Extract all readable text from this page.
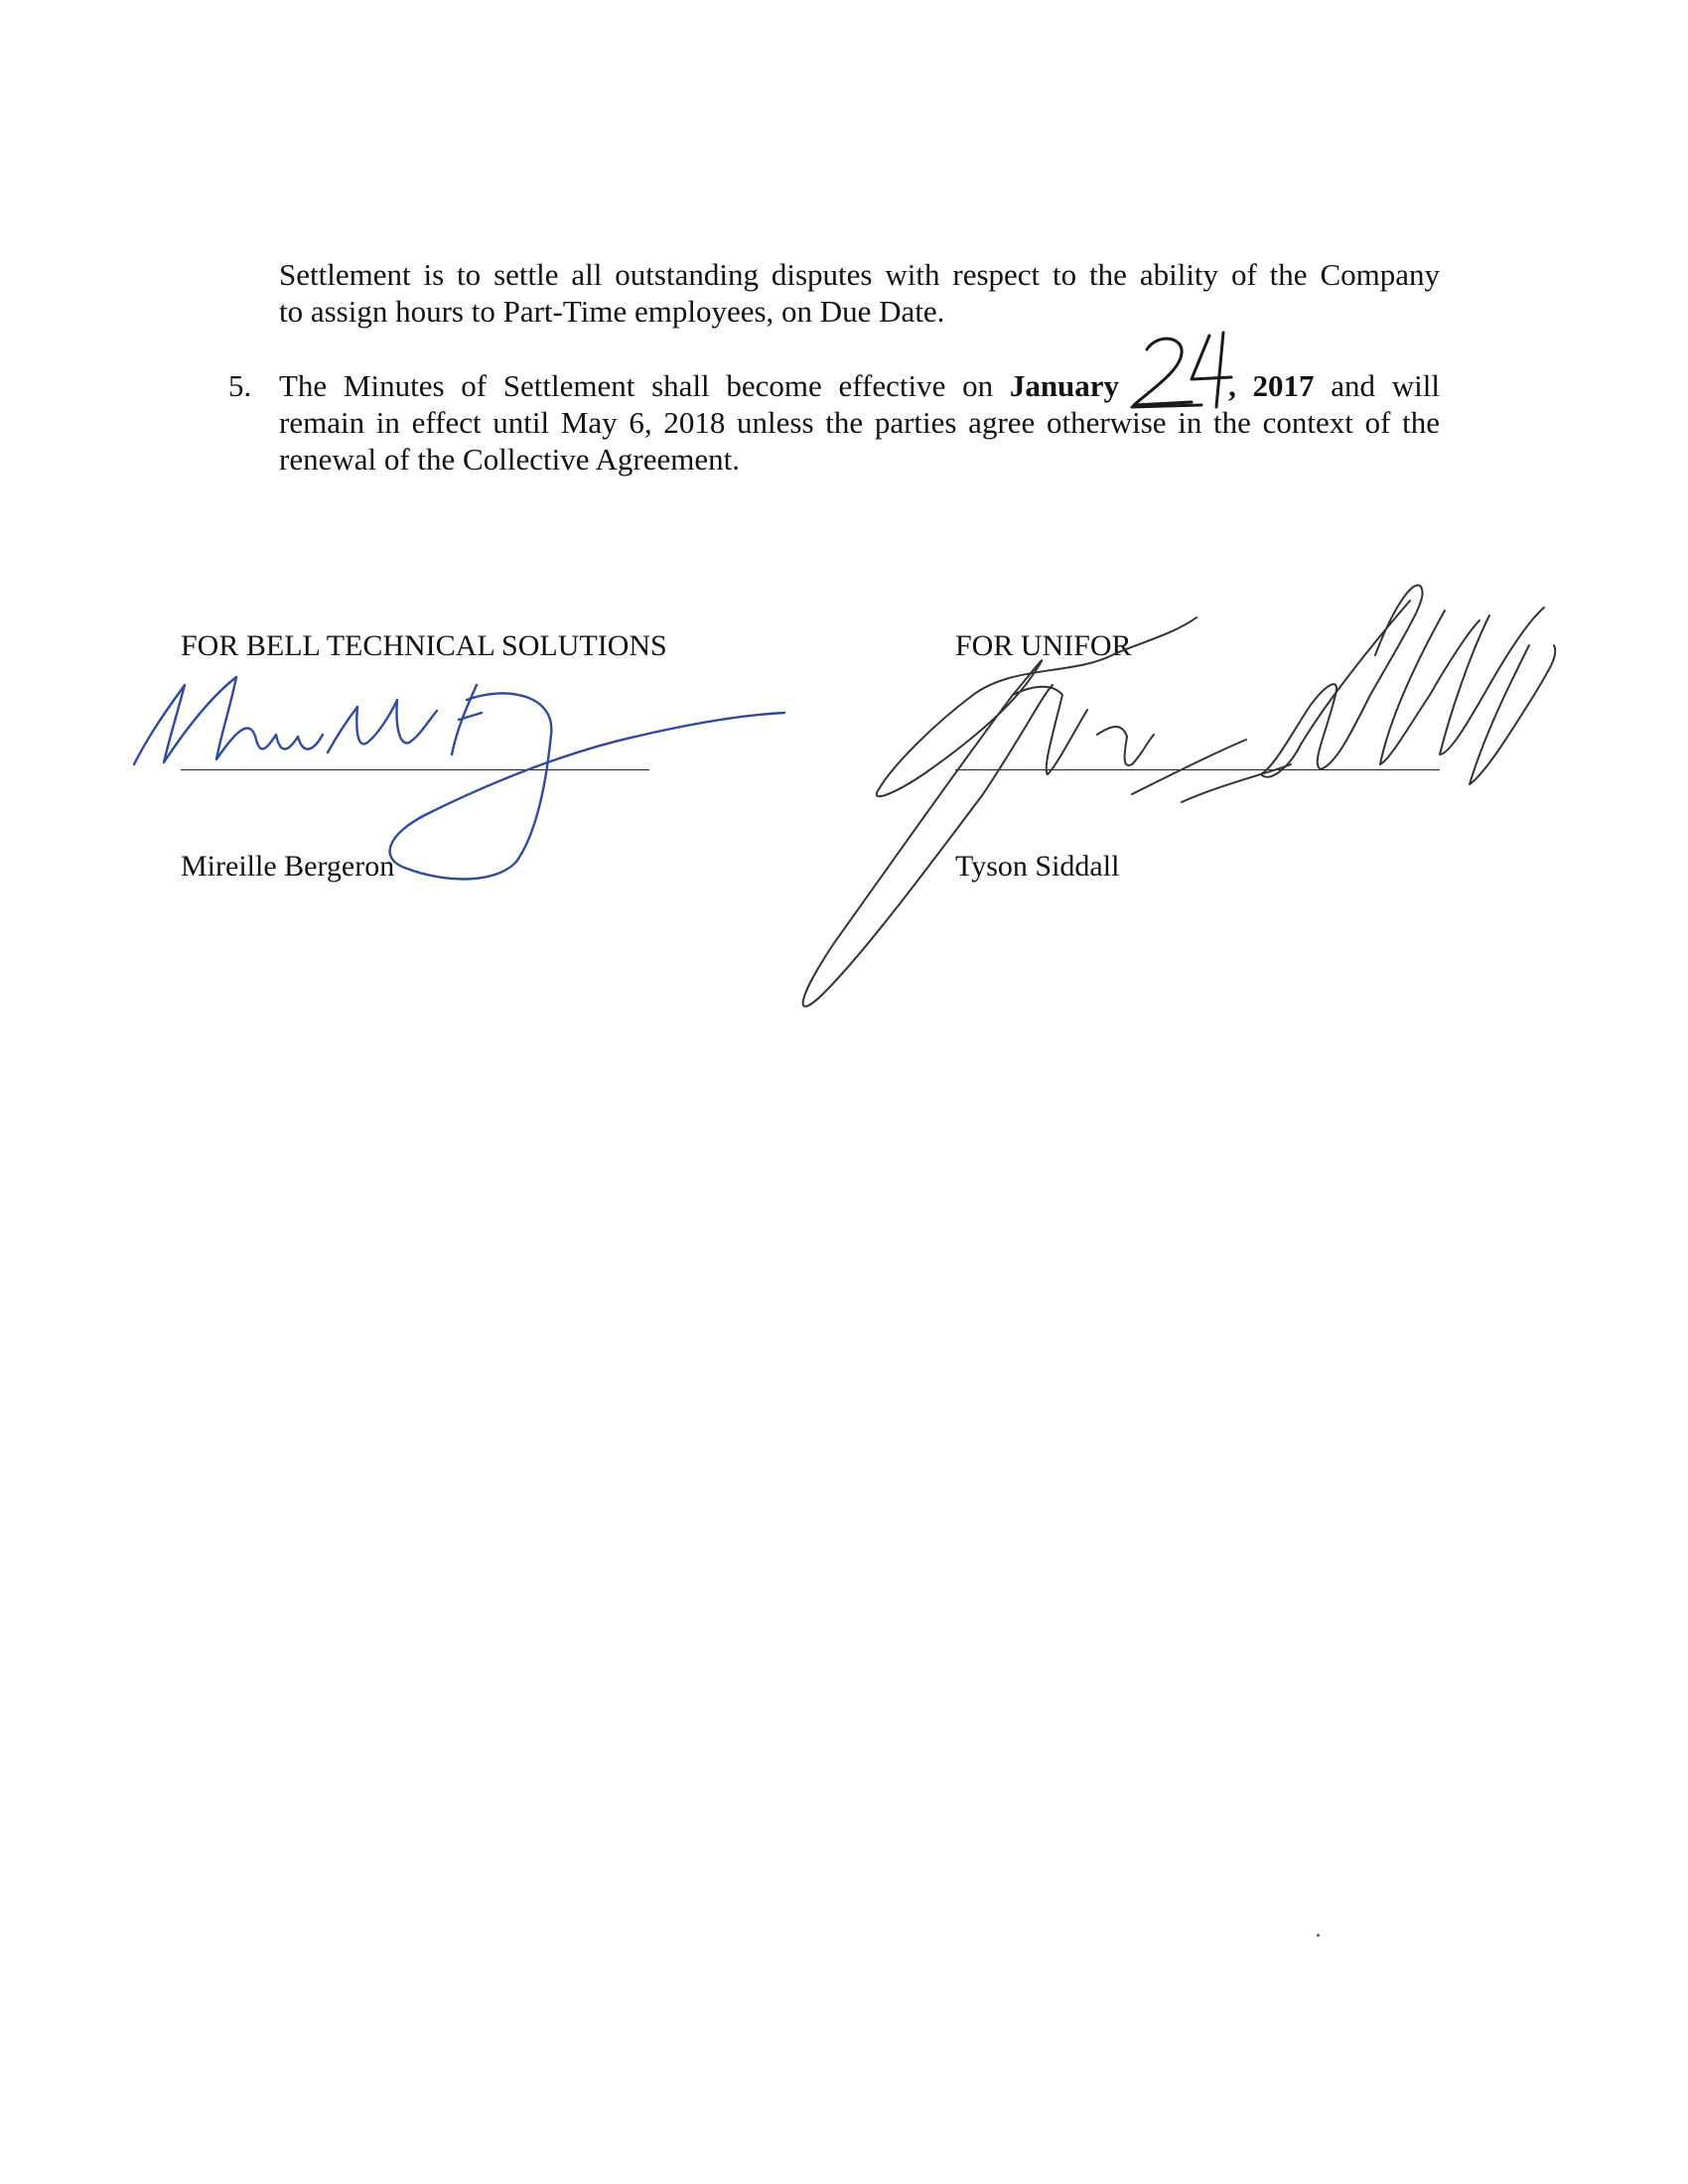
Settlement is to settle all outstanding disputes with respect to the ability of the Company
to assign hours to Part-Time employees, on Due Date.
5. The Minutes of Settlement shall become effective on January	, 2017 and will
remain in effect until May 6, 2018 unless the parties agree otherwise in the context of the
renewal of the Collective Agreement.
FOR BELL TECHNICAL SOLUTIONS	FOR UNIFOR
Mireille Bergeron	Tyson Siddall
